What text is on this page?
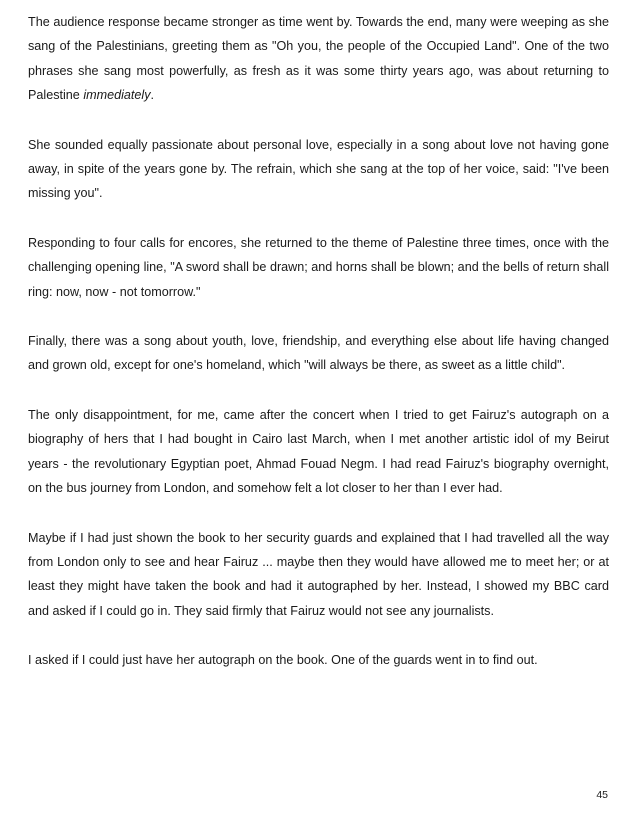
The audience response became stronger as time went by. Towards the end, many were weeping as she sang of the Palestinians, greeting them as "Oh you, the people of the Occupied Land". One of the two phrases she sang most powerfully, as fresh as it was some thirty years ago, was about returning to Palestine immediately.

She sounded equally passionate about personal love, especially in a song about love not having gone away, in spite of the years gone by. The refrain, which she sang at the top of her voice, said: "I've been missing you".

Responding to four calls for encores, she returned to the theme of Palestine three times, once with the challenging opening line, "A sword shall be drawn; and horns shall be blown; and the bells of return shall ring: now, now - not tomorrow."

Finally, there was a song about youth, love, friendship, and everything else about life having changed and grown old, except for one's homeland, which "will always be there, as sweet as a little child".

The only disappointment, for me, came after the concert when I tried to get Fairuz's autograph on a biography of hers that I had bought in Cairo last March, when I met another artistic idol of my Beirut years - the revolutionary Egyptian poet, Ahmad Fouad Negm. I had read Fairuz's biography overnight, on the bus journey from London, and somehow felt a lot closer to her than I ever had.

Maybe if I had just shown the book to her security guards and explained that I had travelled all the way from London only to see and hear Fairuz ... maybe then they would have allowed me to meet her; or at least they might have taken the book and had it autographed by her. Instead, I showed my BBC card and asked if I could go in. They said firmly that Fairuz would not see any journalists.

I asked if I could just have her autograph on the book. One of the guards went in to find out.

45
